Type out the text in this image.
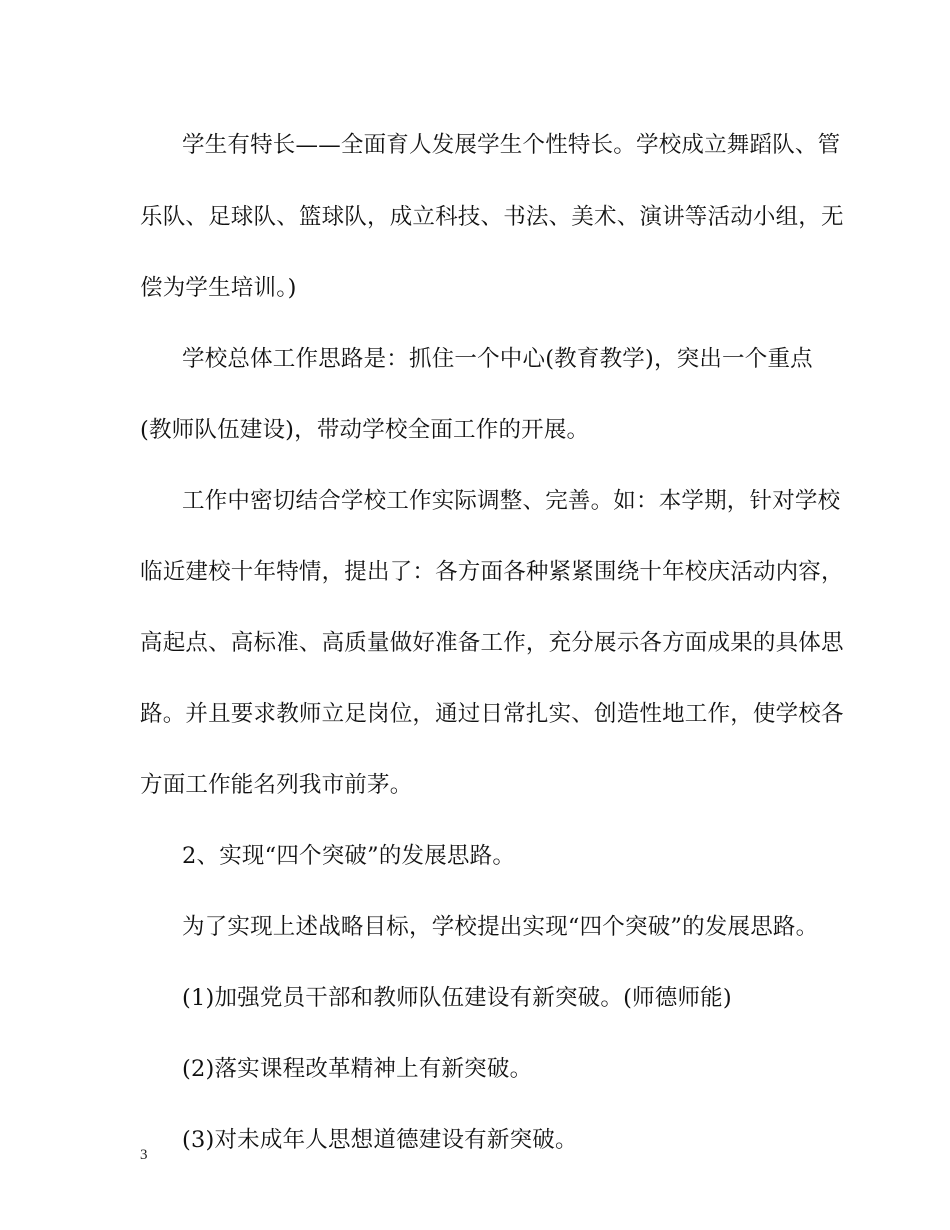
学生有特长——全面育人发展学生个性特长。学校成立舞蹈队、管
乐队、足球队、篮球队，成立科技、书法、美术、演讲等活动小组，无
偿为学生培训。)
学校总体工作思路是：抓住一个中心(教育教学)，突出一个重点
(教师队伍建设)，带动学校全面工作的开展。
工作中密切结合学校工作实际调整、完善。如：本学期，针对学校
临近建校十年特情，提出了：各方面各种紧紧围绕十年校庆活动内容，
高起点、高标准、高质量做好准备工作，充分展示各方面成果的具体思
路。并且要求教师立足岗位，通过日常扎实、创造性地工作，使学校各
方面工作能名列我市前茅。
2、实现“四个突破”的发展思路。
为了实现上述战略目标，学校提出实现“四个突破”的发展思路。
(1)加强党员干部和教师队伍建设有新突破。(师德师能)
(2)落实课程改革精神上有新突破。
(3)对未成年人思想道德建设有新突破。
3
